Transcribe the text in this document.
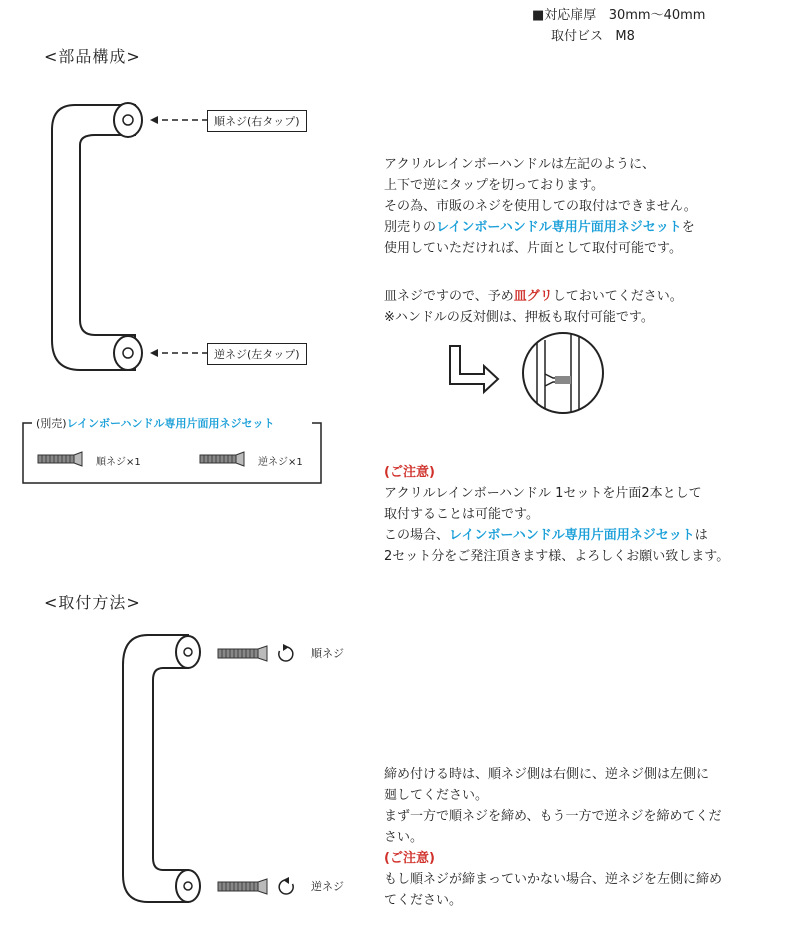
■対応扉厚 30mm〜40mm
取付ビス M8
<部品構成>
順ネジ(右タップ)
逆ネジ(左タップ)
(別売)レインボーハンドル専用片面用ネジセット
順ネジ×1	逆ネジ×1

アクリルレインボーハンドルは左記のように、

上下で逆にタップを切っております。

その為、市販のネジを使用しての取付はできません。

別売りのレインボーハンドル専用片面用ネジセットを

使用していただければ、片面として取付可能です。

皿ネジですので、予め皿グリしておいてください。

※ハンドルの反対側は、押板も取付可能です。

(ご注意)

アクリルレインボーハンドル 1セットを片面2本として

取付することは可能です。

この場合、レインボーハンドル専用片面用ネジセットは

2セット分をご発注頂きます様、よろしくお願い致します。

<取付方法>
順ネジ
逆ネジ

締め付ける時は、順ネジ側は右側に、逆ネジ側は左側に

廻してください。

まず一方で順ネジを締め、もう一方で逆ネジを締めてくだ

さい。

(ご注意)

もし順ネジが締まっていかない場合、逆ネジを左側に締め

てください。
